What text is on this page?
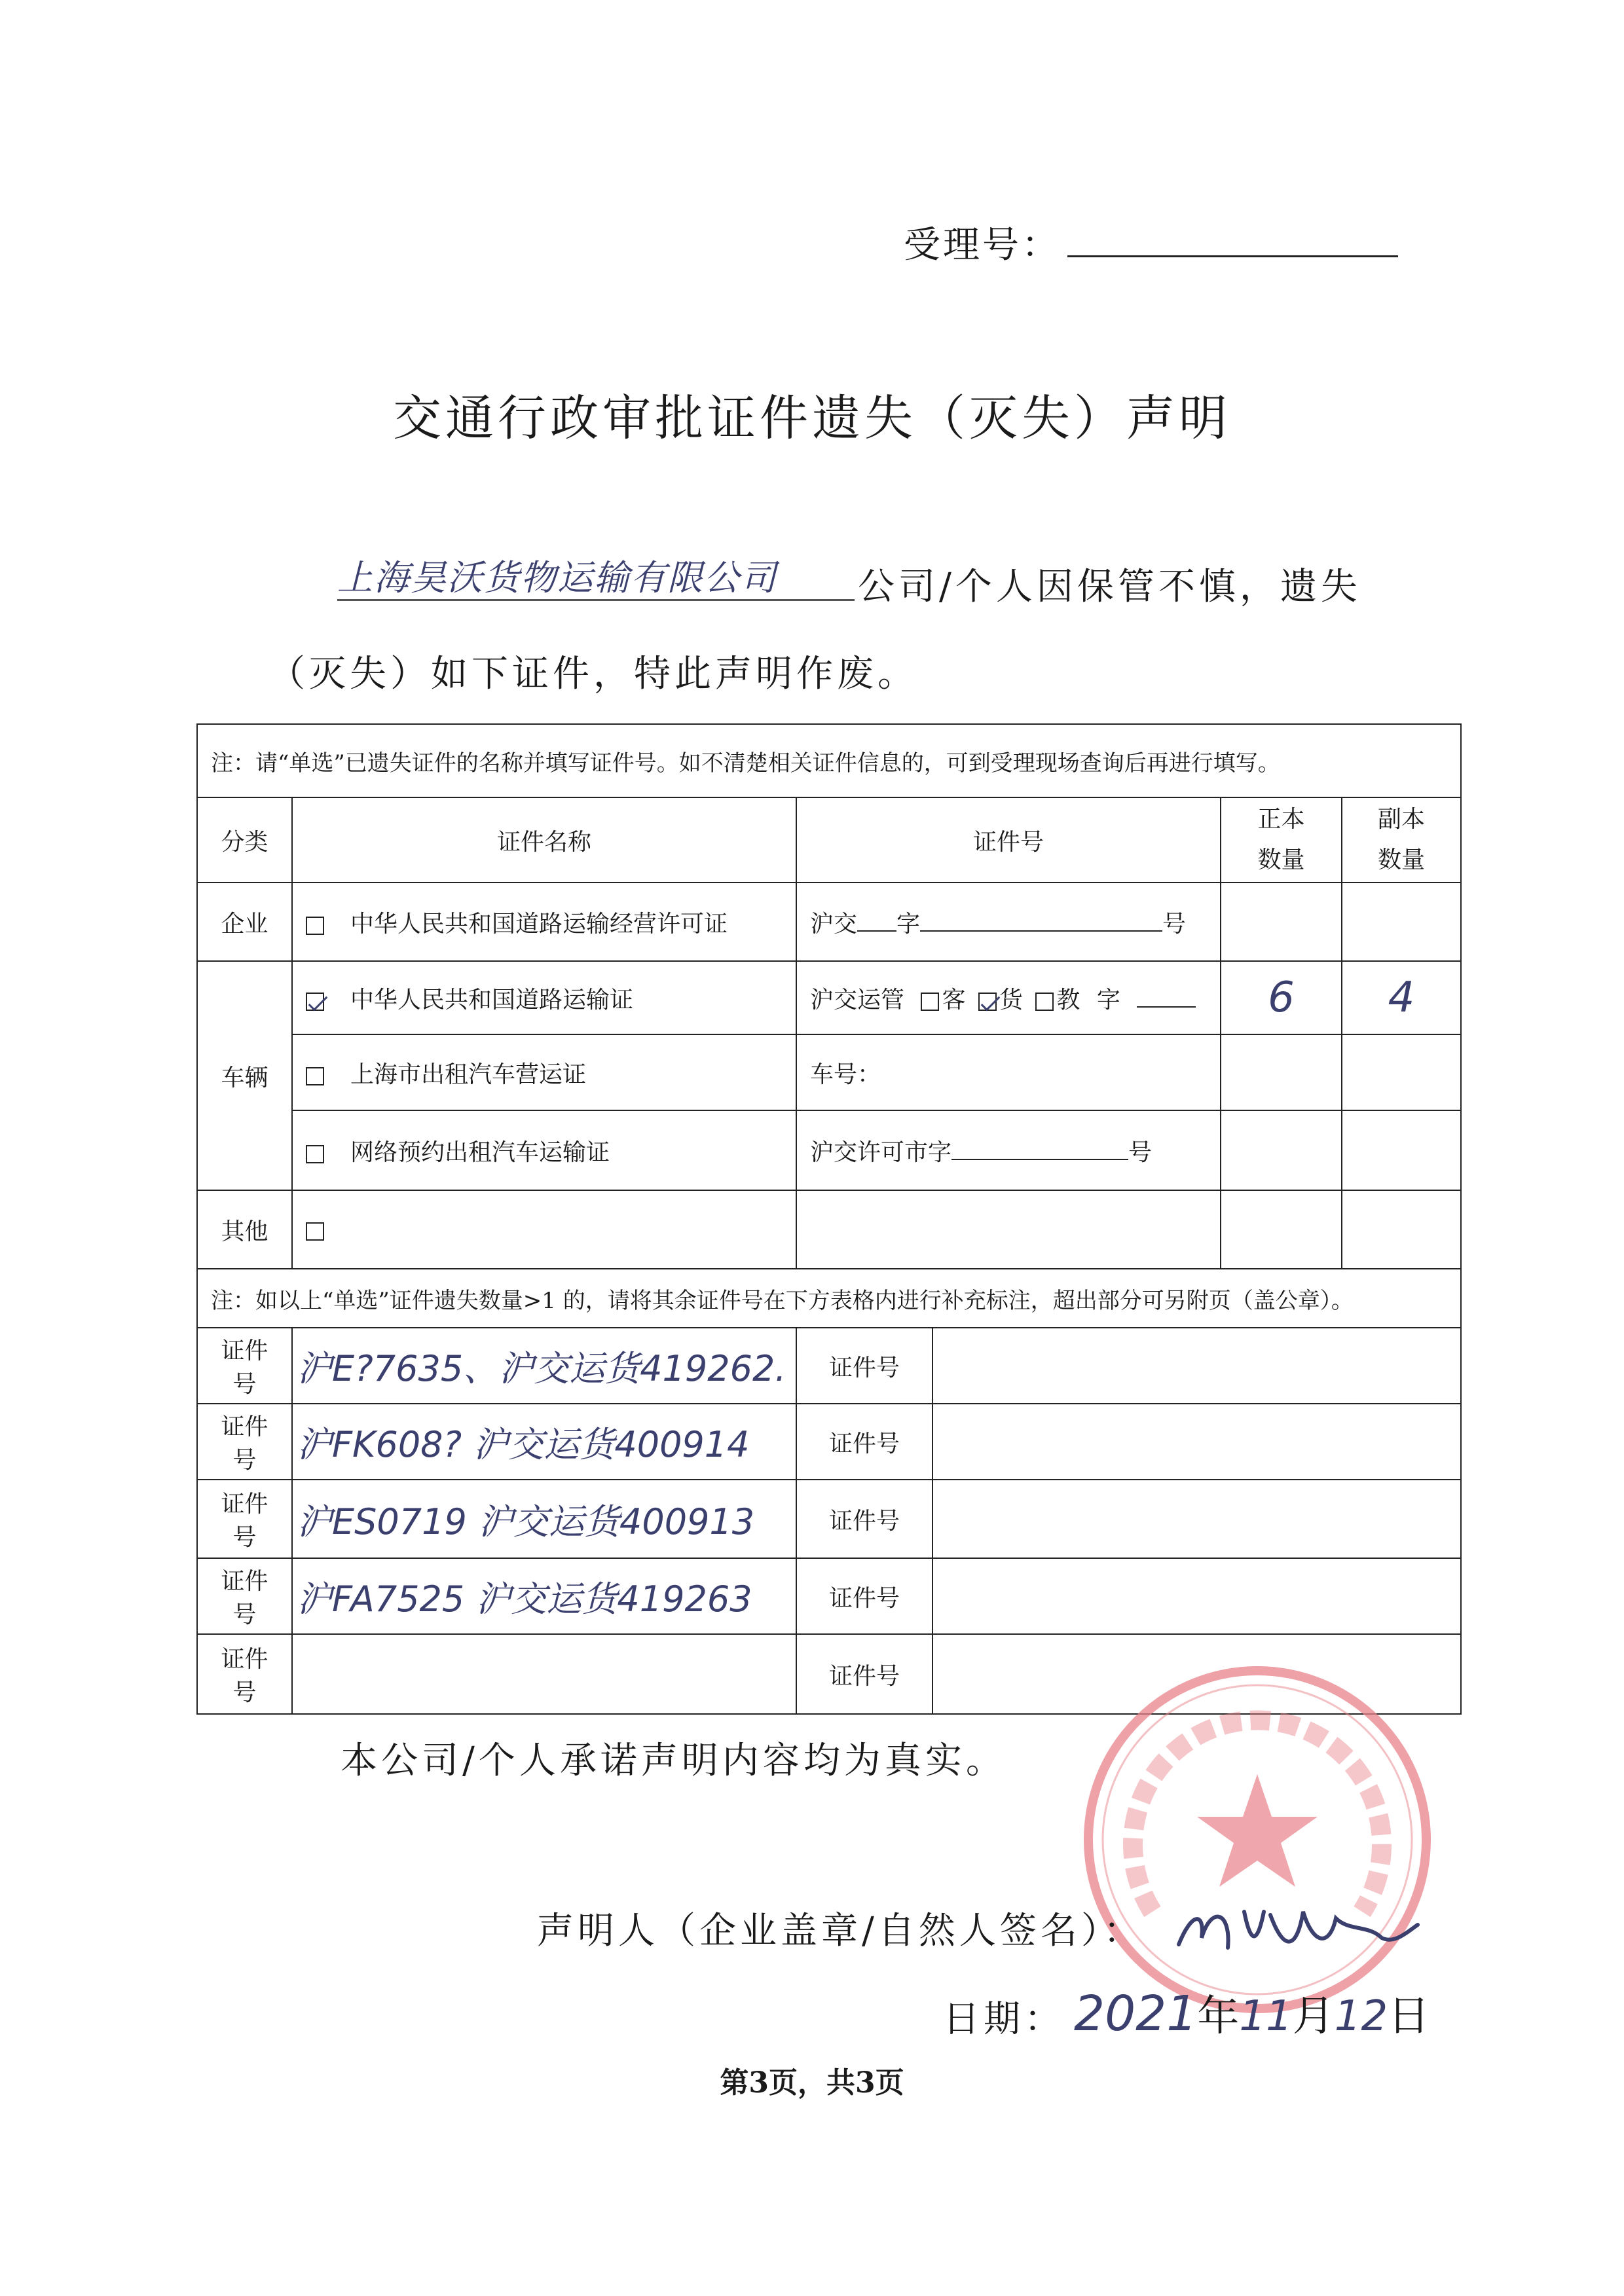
受理号：
交通行政审批证件遗失（灭失）声明
上海昊沃货物运输有限公司 公司/个人因保管不慎，遗失
（灭失）如下证件，特此声明作废。
注：请“单选”已遗失证件的名称并填写证件号。如不清楚相关证件信息的，可到受理现场查询后再进行填写。					
分类	证件名称	证件号		正本数量	副本数量
企业	中华人民共和国道路运输经营许可证	沪交 字 号			
车辆	中华人民共和国道路运输证	沪交运管 客 货 教 字		6	4
	上海市出租汽车营运证	车号：			
	网络预约出租汽车运输证	沪交许可市字 号			
其他					
注：如以上“单选”证件遗失数量>1 的，请将其余证件号在下方表格内进行补充标注，超出部分可另附页（盖公章）。					
证件号	沪E?7635、沪交运货419262.	证件号			
证件号	沪FK608? 沪交运货400914	证件号			
证件号	沪ES0719 沪交运货400913	证件号			
证件号	沪FA7525 沪交运货419263	证件号			
证件号		证件号			
本公司/个人承诺声明内容均为真实。
声明人（企业盖章/自然人签名）：
日期： 2021年11月12日
第3页，共3页
